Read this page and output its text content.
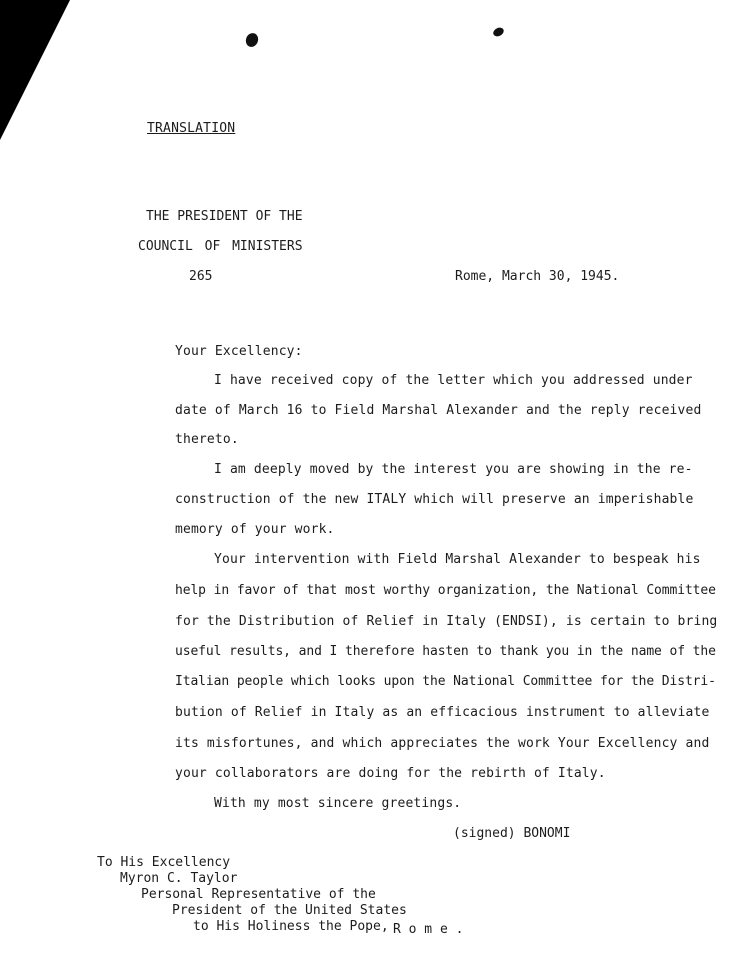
TRANSLATION
THE PRESIDENT OF THE
COUNCIL OF MINISTERS
265	Rome, March 30, 1945.
Your Excellency:
I have received copy of the letter which you addressed under
date of March 16 to Field Marshal Alexander and the reply received
thereto.
I am deeply moved by the interest you are showing in the re-
construction of the new ITALY which will preserve an imperishable
memory of your work.
Your intervention with Field Marshal Alexander to bespeak his
help in favor of that most worthy organization, the National Committee
for the Distribution of Relief in Italy (ENDSI), is certain to bring
useful results, and I therefore hasten to thank you in the name of the
Italian people which looks upon the National Committee for the Distri-
bution of Relief in Italy as an efficacious instrument to alleviate
its misfortunes, and which appreciates the work Your Excellency and
your collaborators are doing for the rebirth of Italy.
With my most sincere greetings.
(signed) BONOMI
To His Excellency
Myron C. Taylor
Personal Representative of the
President of the United States
to His Holiness the Pope, R o m e .
